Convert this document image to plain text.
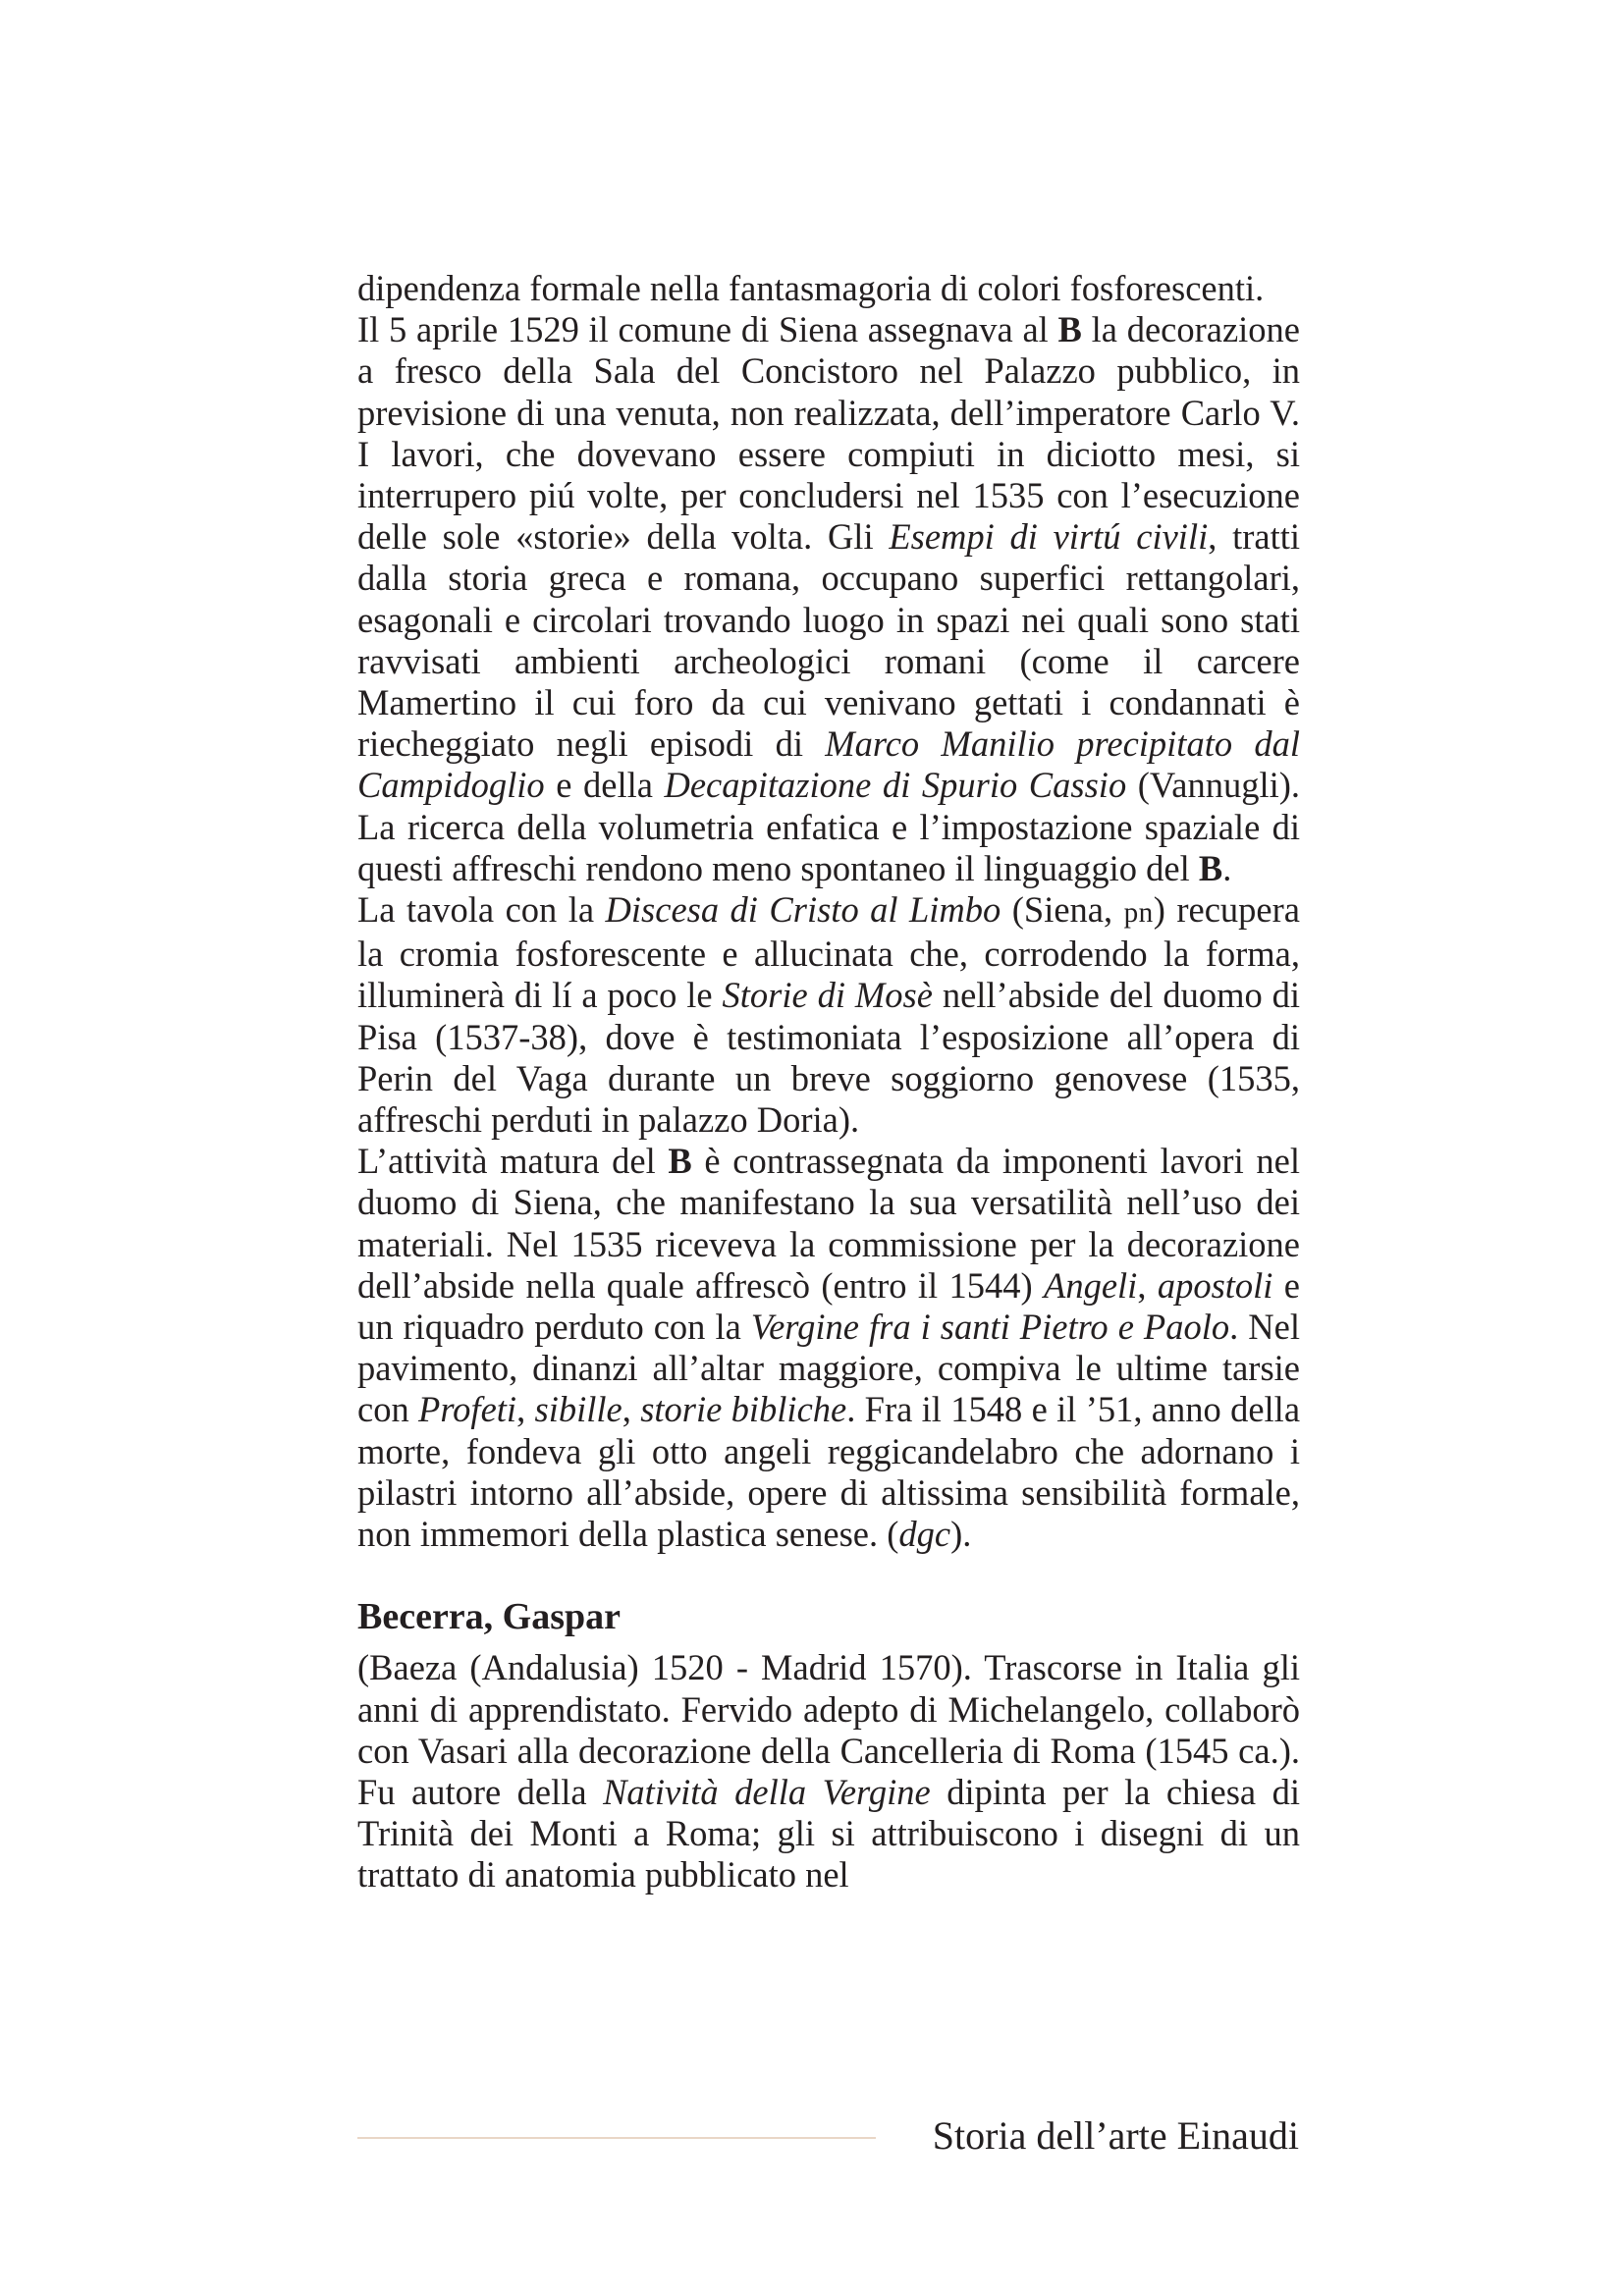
dipendenza formale nella fantasmagoria di colori fosforescenti.

Il 5 aprile 1529 il comune di Siena assegnava al B la decorazione a fresco della Sala del Concistoro nel Palazzo pubblico, in previsione di una venuta, non realizzata, dell’imperatore Carlo V. I lavori, che dovevano essere compiuti in diciotto mesi, si interrupero piú volte, per concludersi nel 1535 con l’esecuzione delle sole «storie» della volta. Gli Esempi di virtú civili, tratti dalla storia greca e romana, occupano superfici rettangolari, esagonali e circolari trovando luogo in spazi nei quali sono stati ravvisati ambienti archeologici romani (come il carcere Mamertino il cui foro da cui venivano gettati i condannati è riecheggiato negli episodi di Marco Manilio precipitato dal Campidoglio e della Decapitazione di Spurio Cassio (Vannugli). La ricerca della volumetria enfatica e l’impostazione spaziale di questi affreschi rendono meno spontaneo il linguaggio del B.

La tavola con la Discesa di Cristo al Limbo (Siena, pn) recupera la cromia fosforescente e allucinata che, corrodendo la forma, illuminerà di lí a poco le Storie di Mosè nell’abside del duomo di Pisa (1537-38), dove è testimoniata l’esposizione all’opera di Perin del Vaga durante un breve soggiorno genovese (1535, affreschi perduti in palazzo Doria).

L’attività matura del B è contrassegnata da imponenti lavori nel duomo di Siena, che manifestano la sua versatilità nell’uso dei materiali. Nel 1535 riceveva la commissione per la decorazione dell’abside nella quale affrescò (entro il 1544) Angeli, apostoli e un riquadro perduto con la Vergine fra i santi Pietro e Paolo. Nel pavimento, dinanzi all’altar maggiore, compiva le ultime tarsie con Profeti, sibille, storie bibliche. Fra il 1548 e il ’51, anno della morte, fondeva gli otto angeli reggicandelabro che adornano i pilastri intorno all’abside, opere di altissima sensibilità formale, non immemori della plastica senese. (dgc).

Becerra, Gaspar

(Baeza (Andalusia) 1520 - Madrid 1570). Trascorse in Italia gli anni di apprendistato. Fervido adepto di Michelangelo, collaborò con Vasari alla decorazione della Cancelleria di Roma (1545 ca.). Fu autore della Natività della Vergine dipinta per la chiesa di Trinità dei Monti a Roma; gli si attribuiscono i disegni di un trattato di anatomia pubblicato nel

Storia dell’arte Einaudi
